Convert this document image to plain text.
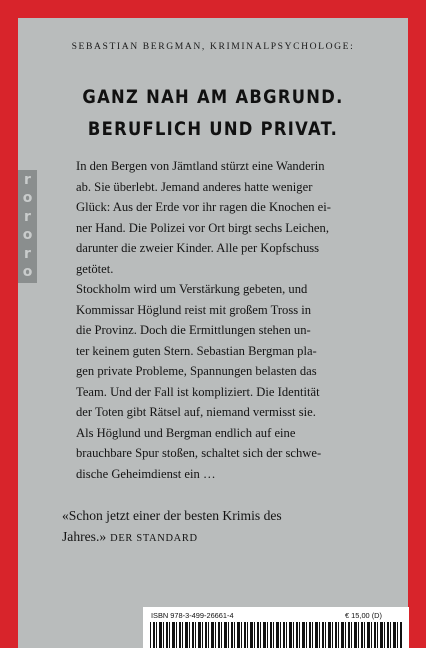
SEBASTIAN BERGMAN, KRIMINALPSYCHOLOGE:
GANZ NAH AM ABGRUND.
BERUFLICH UND PRIVAT.
r
o
r
o
r
o

In den Bergen von Jämtland stürzt eine Wanderin

ab. Sie überlebt. Jemand anderes hatte weniger

Glück: Aus der Erde vor ihr ragen die Knochen ei-

ner Hand. Die Polizei vor Ort birgt sechs Leichen,

darunter die zweier Kinder. Alle per Kopfschuss

getötet.

Stockholm wird um Verstärkung gebeten, und

Kommissar Höglund reist mit großem Tross in

die Provinz. Doch die Ermittlungen stehen un-

ter keinem guten Stern. Sebastian Bergman pla-

gen private Probleme, Spannungen belasten das

Team. Und der Fall ist kompliziert. Die Identität

der Toten gibt Rätsel auf, niemand vermisst sie.

Als Höglund und Bergman endlich auf eine

brauchbare Spur stoßen, schaltet sich der schwe-

dische Geheimdienst ein …

«Schon jetzt einer der besten Krimis des
Jahres.» DER STANDARD
ISBN 978-3-499-26661-4	€ 15,00 (D)
